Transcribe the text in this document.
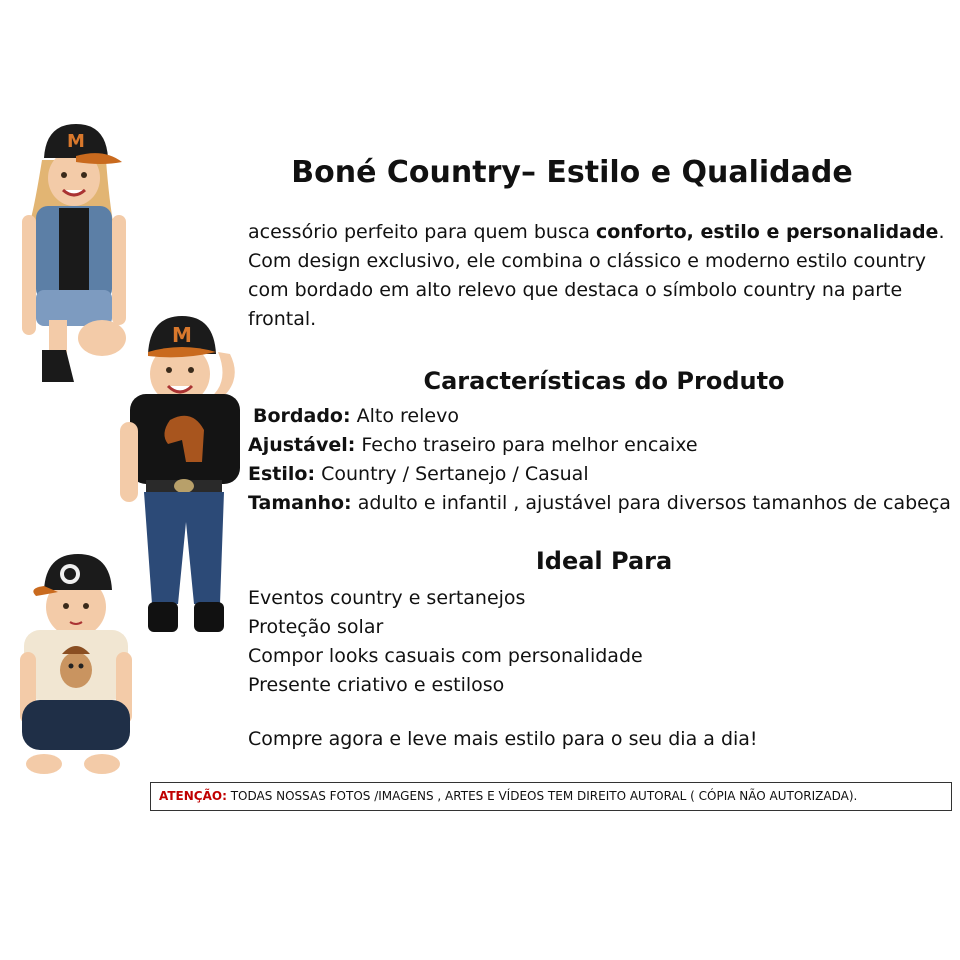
M
M
Boné Country– Estilo e Qualidade
acessório perfeito para quem busca conforto, estilo e personalidade.
Com design exclusivo, ele combina o clássico e moderno estilo country
com bordado em alto relevo que destaca o símbolo country na parte
frontal.
Características do Produto
Bordado: Alto relevo
Ajustável: Fecho traseiro para melhor encaixe
Estilo: Country / Sertanejo / Casual
Tamanho: adulto e infantil , ajustável para diversos tamanhos de cabeça
Ideal Para
Eventos country e sertanejos
Proteção solar
Compor looks casuais com personalidade
Presente criativo e estiloso
Compre agora e leve mais estilo para o seu dia a dia!
ATENÇÃO: TODAS NOSSAS FOTOS /IMAGENS , ARTES E VÍDEOS TEM DIREITO AUTORAL ( CÓPIA NÃO AUTORIZADA).
